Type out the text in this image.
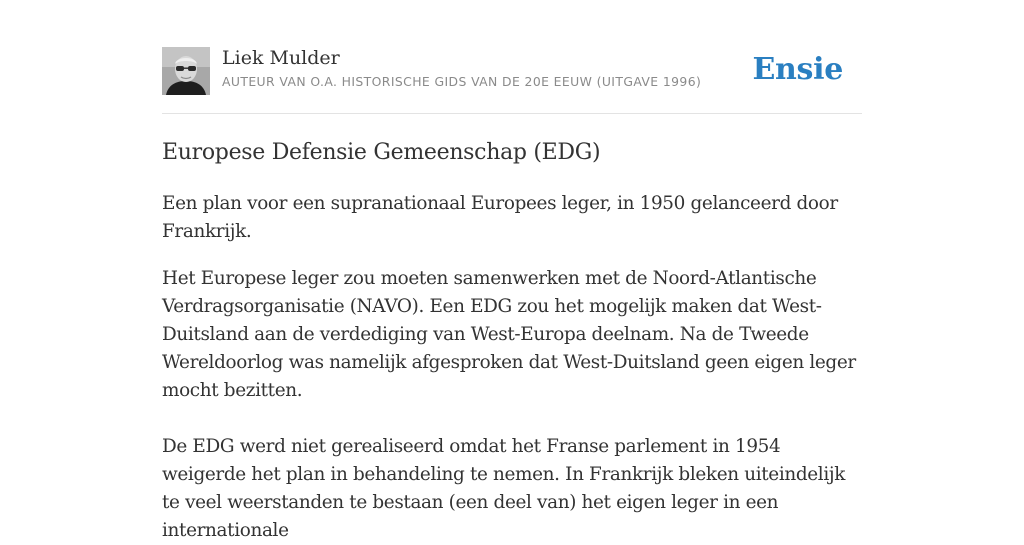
Liek Mulder
AUTEUR VAN O.A. HISTORISCHE GIDS VAN DE 20E EEUW (UITGAVE 1996) Ensie
Europese Defensie Gemeenschap (EDG)

Een plan voor een supranationaal Europees leger, in 1950 gelanceerd door Frankrijk.

Het Europese leger zou moeten samenwerken met de Noord-Atlantische Verdragsorganisatie (NAVO). Een EDG zou het mogelijk maken dat West-Duitsland aan de verdediging van West-Europa deelnam. Na de Tweede Wereldoorlog was namelijk afgesproken dat West-Duitsland geen eigen leger mocht bezitten.

De EDG werd niet gerealiseerd omdat het Franse parlement in 1954 weigerde het plan in behandeling te nemen. In Frankrijk bleken uiteindelijk te veel weerstanden te bestaan (een deel van) het eigen leger in een internationale
